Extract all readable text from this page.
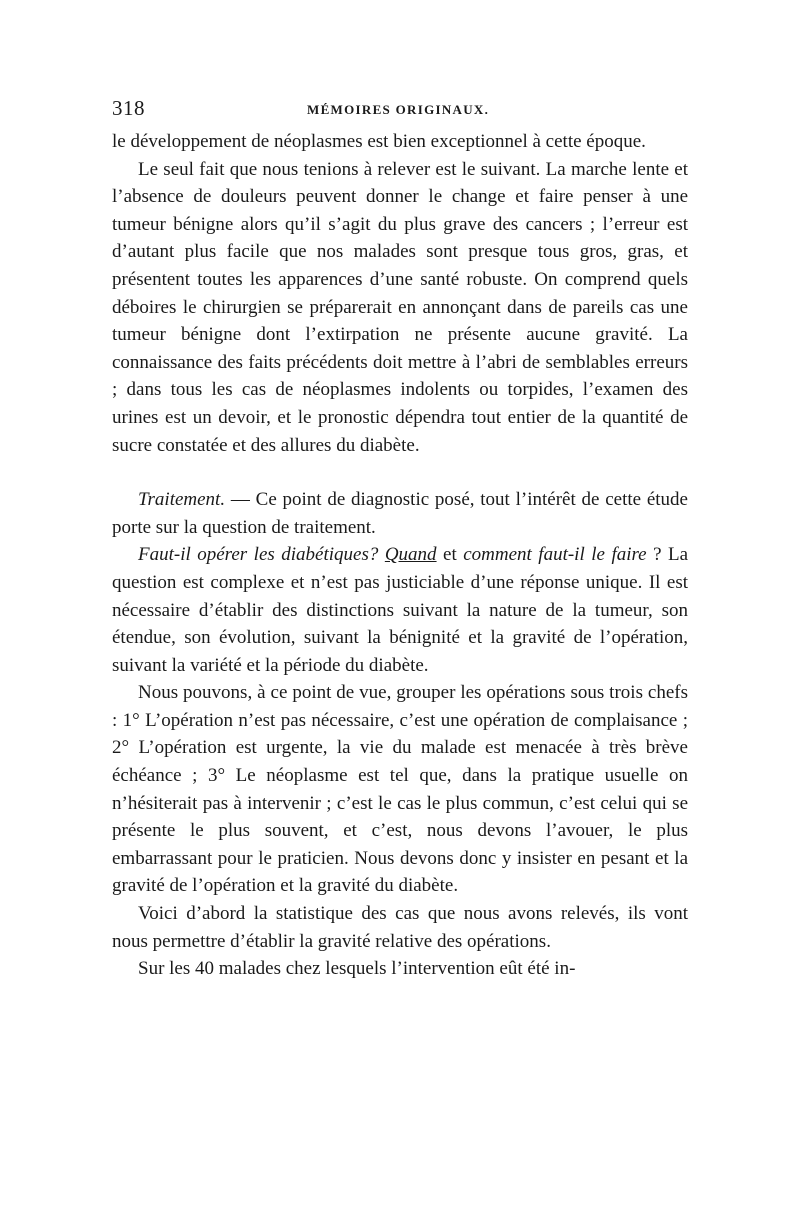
318	MÉMOIRES ORIGINAUX.

le développement de néoplasmes est bien exceptionnel à cette époque.

Le seul fait que nous tenions à relever est le suivant. La marche lente et l’absence de douleurs peuvent donner le change et faire penser à une tumeur bénigne alors qu’il s’agit du plus grave des cancers ; l’erreur est d’autant plus facile que nos malades sont presque tous gros, gras, et présentent toutes les apparences d’une santé robuste. On comprend quels déboires le chirurgien se préparerait en annonçant dans de pareils cas une tumeur bénigne dont l’extirpation ne présente aucune gravité. La connaissance des faits précédents doit mettre à l’abri de semblables erreurs ; dans tous les cas de néoplasmes indolents ou torpides, l’examen des urines est un devoir, et le pronostic dépendra tout entier de la quantité de sucre constatée et des allures du diabète.

Traitement. — Ce point de diagnostic posé, tout l’intérêt de cette étude porte sur la question de traitement.

Faut-il opérer les diabétiques? Quand et comment faut-il le faire ? La question est complexe et n’est pas justiciable d’une réponse unique. Il est nécessaire d’établir des distinctions suivant la nature de la tumeur, son étendue, son évolution, suivant la bénignité et la gravité de l’opération, suivant la variété et la période du diabète.

Nous pouvons, à ce point de vue, grouper les opérations sous trois chefs : 1° L’opération n’est pas nécessaire, c’est une opération de complaisance ; 2° L’opération est urgente, la vie du malade est menacée à très brève échéance ; 3° Le néoplasme est tel que, dans la pratique usuelle on n’hésiterait pas à intervenir ; c’est le cas le plus commun, c’est celui qui se présente le plus souvent, et c’est, nous devons l’avouer, le plus embarrassant pour le praticien. Nous devons donc y insister en pesant et la gravité de l’opération et la gravité du diabète.

Voici d’abord la statistique des cas que nous avons relevés, ils vont nous permettre d’établir la gravité relative des opérations.

Sur les 40 malades chez lesquels l’intervention eût été in-
